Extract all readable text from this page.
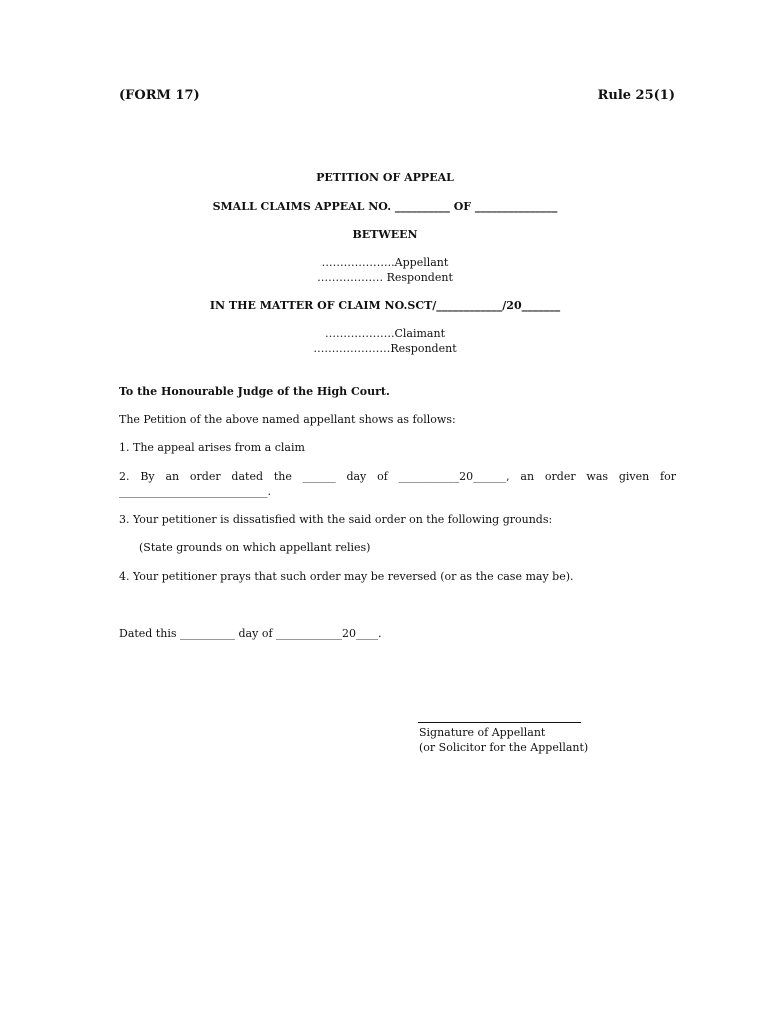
(FORM 17)	Rule 25(1)
PETITION OF APPEAL
SMALL CLAIMS APPEAL NO. __________ OF _______________
BETWEEN
………………..Appellant
……………… Respondent
IN THE MATTER OF CLAIM NO.SCT/____________/20_______
……………….Claimant
…………………Respondent
To the Honourable Judge of the High Court.
The Petition of the above named appellant shows as follows:
1. The appeal arises from a claim
2. By an order dated the ______ day of ___________20______, an order was given for
___________________________.
3. Your petitioner is dissatisfied with the said order on the following grounds:
(State grounds on which appellant relies)
4. Your petitioner prays that such order may be reversed (or as the case may be).
Dated this __________ day of ____________20____.
Signature of Appellant
(or Solicitor for the Appellant)
